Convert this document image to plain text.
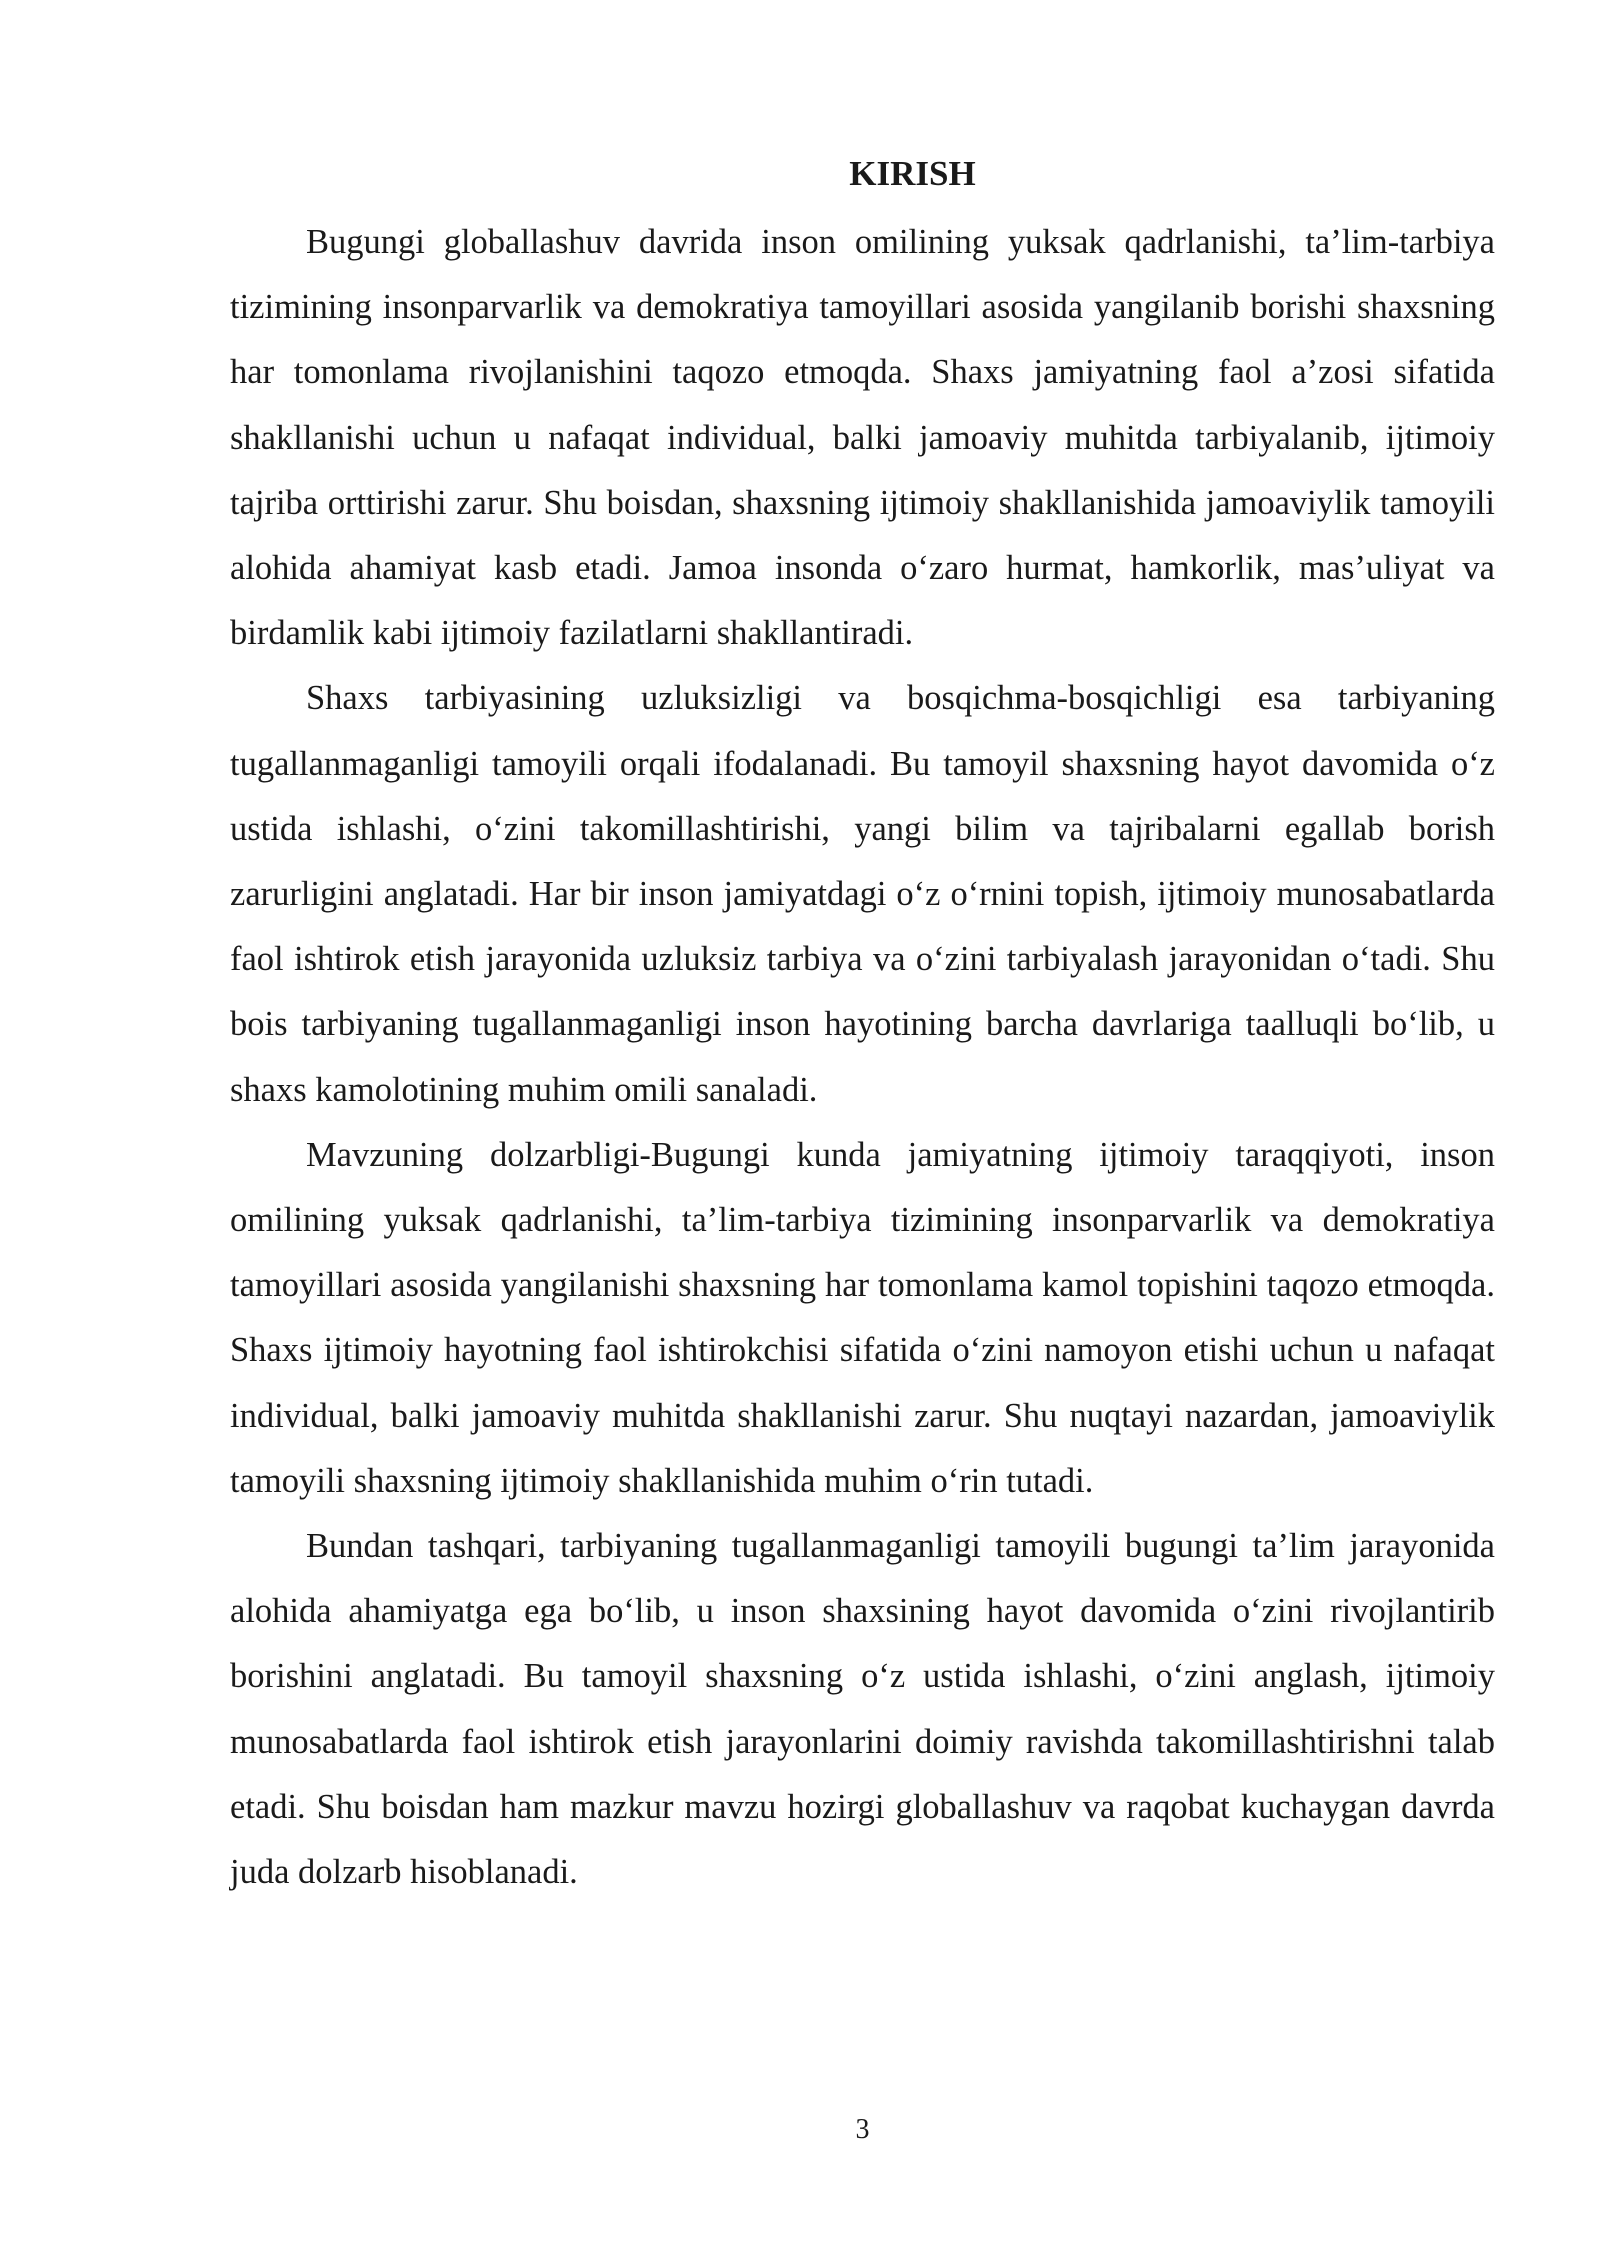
KIRISH

Bugungi globallashuv davrida inson omilining yuksak qadrlanishi, ta’lim-tarbiya tizimining insonparvarlik va demokratiya tamoyillari asosida yangilanib borishi shaxsning har tomonlama rivojlanishini taqozo etmoqda. Shaxs jamiyatning faol a’zosi sifatida shakllanishi uchun u nafaqat individual, balki jamoaviy muhitda tarbiyalanib, ijtimoiy tajriba orttirishi zarur. Shu boisdan, shaxsning ijtimoiy shakllanishida jamoaviylik tamoyili alohida ahamiyat kasb etadi. Jamoa insonda o‘zaro hurmat, hamkorlik, mas’uliyat va birdamlik kabi ijtimoiy fazilatlarni shakllantiradi.

Shaxs tarbiyasining uzluksizligi va bosqichma-bosqichligi esa tarbiyaning tugallanmaganligi tamoyili orqali ifodalanadi. Bu tamoyil shaxsning hayot davomida o‘z ustida ishlashi, o‘zini takomillashtirishi, yangi bilim va tajribalarni egallab borish zarurligini anglatadi. Har bir inson jamiyatdagi o‘z o‘rnini topish, ijtimoiy munosabatlarda faol ishtirok etish jarayonida uzluksiz tarbiya va o‘zini tarbiyalash jarayonidan o‘tadi. Shu bois tarbiyaning tugallanmaganligi inson hayotining barcha davrlariga taalluqli bo‘lib, u shaxs kamolotining muhim omili sanaladi.

Mavzuning dolzarbligi-Bugungi kunda jamiyatning ijtimoiy taraqqiyoti, inson omilining yuksak qadrlanishi, ta’lim-tarbiya tizimining insonparvarlik va demokratiya tamoyillari asosida yangilanishi shaxsning har tomonlama kamol topishini taqozo etmoqda. Shaxs ijtimoiy hayotning faol ishtirokchisi sifatida o‘zini namoyon etishi uchun u nafaqat individual, balki jamoaviy muhitda shakllanishi zarur. Shu nuqtayi nazardan, jamoaviylik tamoyili shaxsning ijtimoiy shakllanishida muhim o‘rin tutadi.

Bundan tashqari, tarbiyaning tugallanmaganligi tamoyili bugungi ta’lim jarayonida alohida ahamiyatga ega bo‘lib, u inson shaxsining hayot davomida o‘zini rivojlantirib borishini anglatadi. Bu tamoyil shaxsning o‘z ustida ishlashi, o‘zini anglash, ijtimoiy munosabatlarda faol ishtirok etish jarayonlarini doimiy ravishda takomillashtirishni talab etadi. Shu boisdan ham mazkur mavzu hozirgi globallashuv va raqobat kuchaygan davrda juda dolzarb hisoblanadi.

3
